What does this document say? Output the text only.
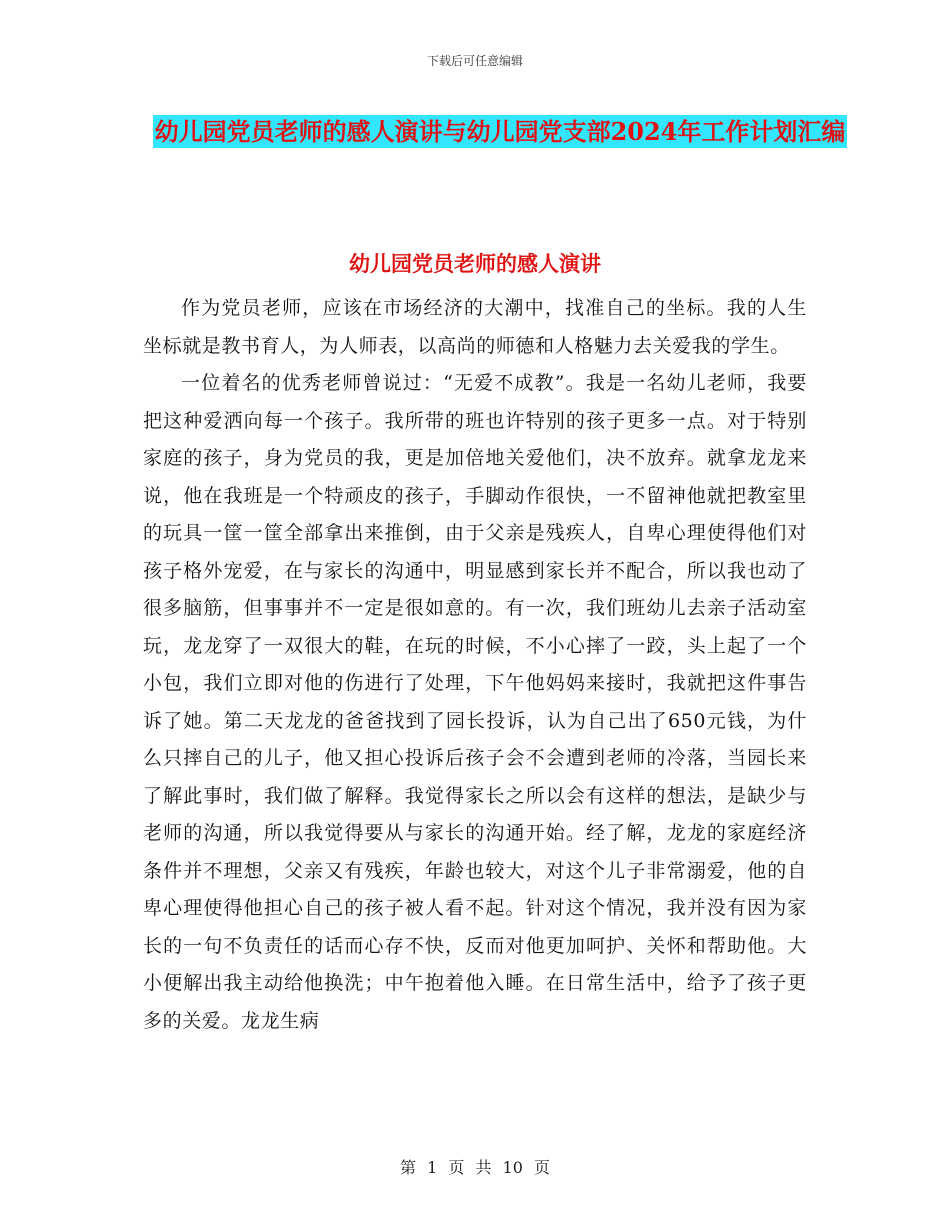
下载后可任意编辑
幼儿园党员老师的感人演讲与幼儿园党支部2024年工作计划汇编
幼儿园党员老师的感人演讲

作为党员老师，应该在市场经济的大潮中，找准自己的坐标。我的人生坐标就是教书育人，为人师表，以高尚的师德和人格魅力去关爱我的学生。

一位着名的优秀老师曾说过：“无爱不成教”。我是一名幼儿老师，我要把这种爱洒向每一个孩子。我所带的班也许特别的孩子更多一点。对于特别家庭的孩子，身为党员的我，更是加倍地关爱他们，决不放弃。就拿龙龙来说，他在我班是一个特顽皮的孩子，手脚动作很快，一不留神他就把教室里的玩具一筐一筐全部拿出来推倒，由于父亲是残疾人，自卑心理使得他们对孩子格外宠爱，在与家长的沟通中，明显感到家长并不配合，所以我也动了很多脑筋，但事事并不一定是很如意的。有一次，我们班幼儿去亲子活动室玩，龙龙穿了一双很大的鞋，在玩的时候，不小心摔了一跤，头上起了一个小包，我们立即对他的伤进行了处理，下午他妈妈来接时，我就把这件事告诉了她。第二天龙龙的爸爸找到了园长投诉，认为自己出了650元钱，为什么只摔自己的儿子，他又担心投诉后孩子会不会遭到老师的冷落，当园长来了解此事时，我们做了解释。我觉得家长之所以会有这样的想法，是缺少与老师的沟通，所以我觉得要从与家长的沟通开始。经了解，龙龙的家庭经济条件并不理想，父亲又有残疾，年龄也较大，对这个儿子非常溺爱，他的自卑心理使得他担心自己的孩子被人看不起。针对这个情况，我并没有因为家长的一句不负责任的话而心存不快，反而对他更加呵护、关怀和帮助他。大小便解出我主动给他换洗；中午抱着他入睡。在日常生活中，给予了孩子更多的关爱。龙龙生病

第 1 页 共 10 页
